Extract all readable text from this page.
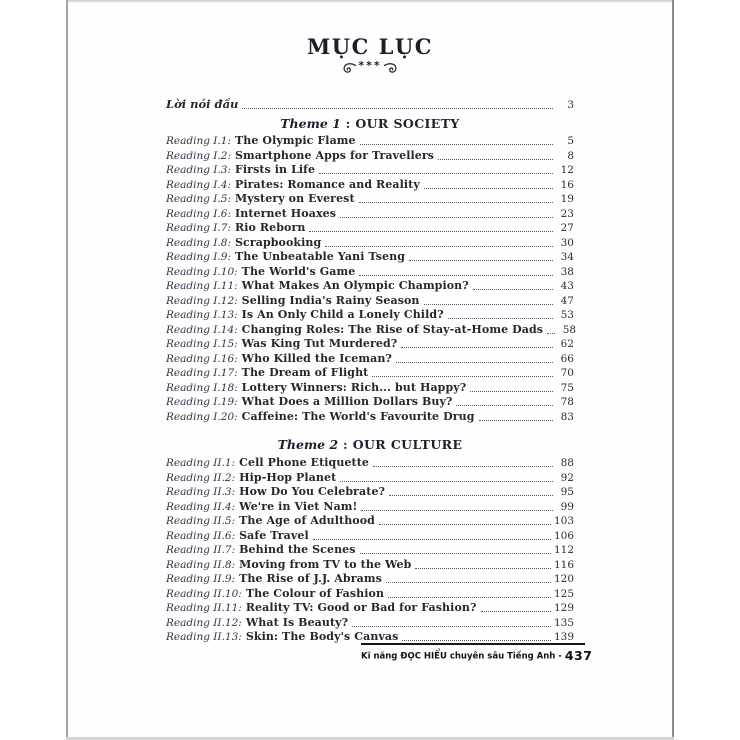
MỤC LỤC
***
Lời nói đầu	3
Theme 1 : OUR SOCIETY
Reading I.1: The Olympic Flame	5
Reading I.2: Smartphone Apps for Travellers	8
Reading I.3: Firsts in Life	12
Reading I.4: Pirates: Romance and Reality	16
Reading I.5: Mystery on Everest	19
Reading I.6: Internet Hoaxes	23
Reading I.7: Rio Reborn	27
Reading I.8: Scrapbooking	30
Reading I.9: The Unbeatable Yani Tseng	34
Reading I.10: The World's Game	38
Reading I.11: What Makes An Olympic Champion?	43
Reading I.12: Selling India's Rainy Season	47
Reading I.13: Is An Only Child a Lonely Child?	53
Reading I.14: Changing Roles: The Rise of Stay-at-Home Dads	58
Reading I.15: Was King Tut Murdered?	62
Reading I.16: Who Killed the Iceman?	66
Reading I.17: The Dream of Flight	70
Reading I.18: Lottery Winners: Rich... but Happy?	75
Reading I.19: What Does a Million Dollars Buy?	78
Reading I.20: Caffeine: The World's Favourite Drug	83
Theme 2 : OUR CULTURE
Reading II.1: Cell Phone Etiquette	88
Reading II.2: Hip-Hop Planet	92
Reading II.3: How Do You Celebrate?	95
Reading II.4: We're in Viet Nam!	99
Reading II.5: The Age of Adulthood	103
Reading II.6: Safe Travel	106
Reading II.7: Behind the Scenes	112
Reading II.8: Moving from TV to the Web	116
Reading II.9: The Rise of J.J. Abrams	120
Reading II.10: The Colour of Fashion	125
Reading II.11: Reality TV: Good or Bad for Fashion?	129
Reading II.12: What Is Beauty?	135
Reading II.13: Skin: The Body's Canvas	139
Kĩ năng ĐỌC HIỂU chuyên sâu Tiếng Anh - 437
